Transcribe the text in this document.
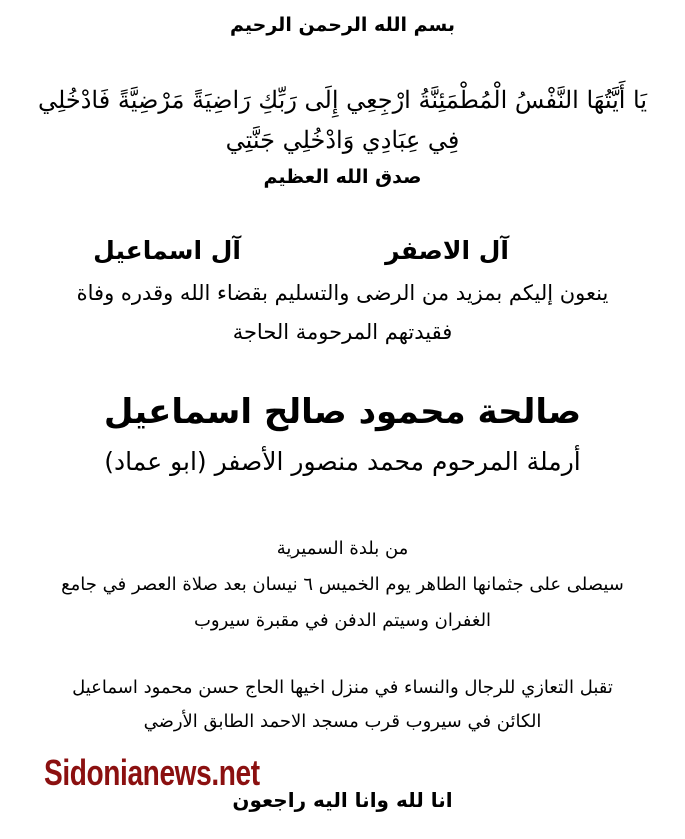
بسم الله الرحمن الرحيم
يَا أَيَّتُهَا النَّفْسُ الْمُطْمَئِنَّةُ ارْجِعِي إِلَى رَبِّكِ رَاضِيَةً مَرْضِيَّةً فَادْخُلِي
فِي عِبَادِي وَادْخُلِي جَنَّتِي
صدق الله العظيم
آل الاصفر
آل اسماعيل
ينعون إليكم بمزيد من الرضى والتسليم بقضاء الله وقدره وفاة
فقيدتهم المرحومة الحاجة
صالحة محمود صالح اسماعيل
أرملة المرحوم محمد منصور الأصفر (ابو عماد)
من بلدة السميرية
سيصلى على جثمانها الطاهر يوم الخميس ٦ نيسان بعد صلاة العصر في جامع
الغفران وسيتم الدفن في مقبرة سيروب
تقبل التعازي للرجال والنساء في منزل اخيها الحاج حسن محمود اسماعيل
الكائن في سيروب قرب مسجد الاحمد الطابق الأرضي
انا لله وانا اليه راجعون
Sidonianews.net
